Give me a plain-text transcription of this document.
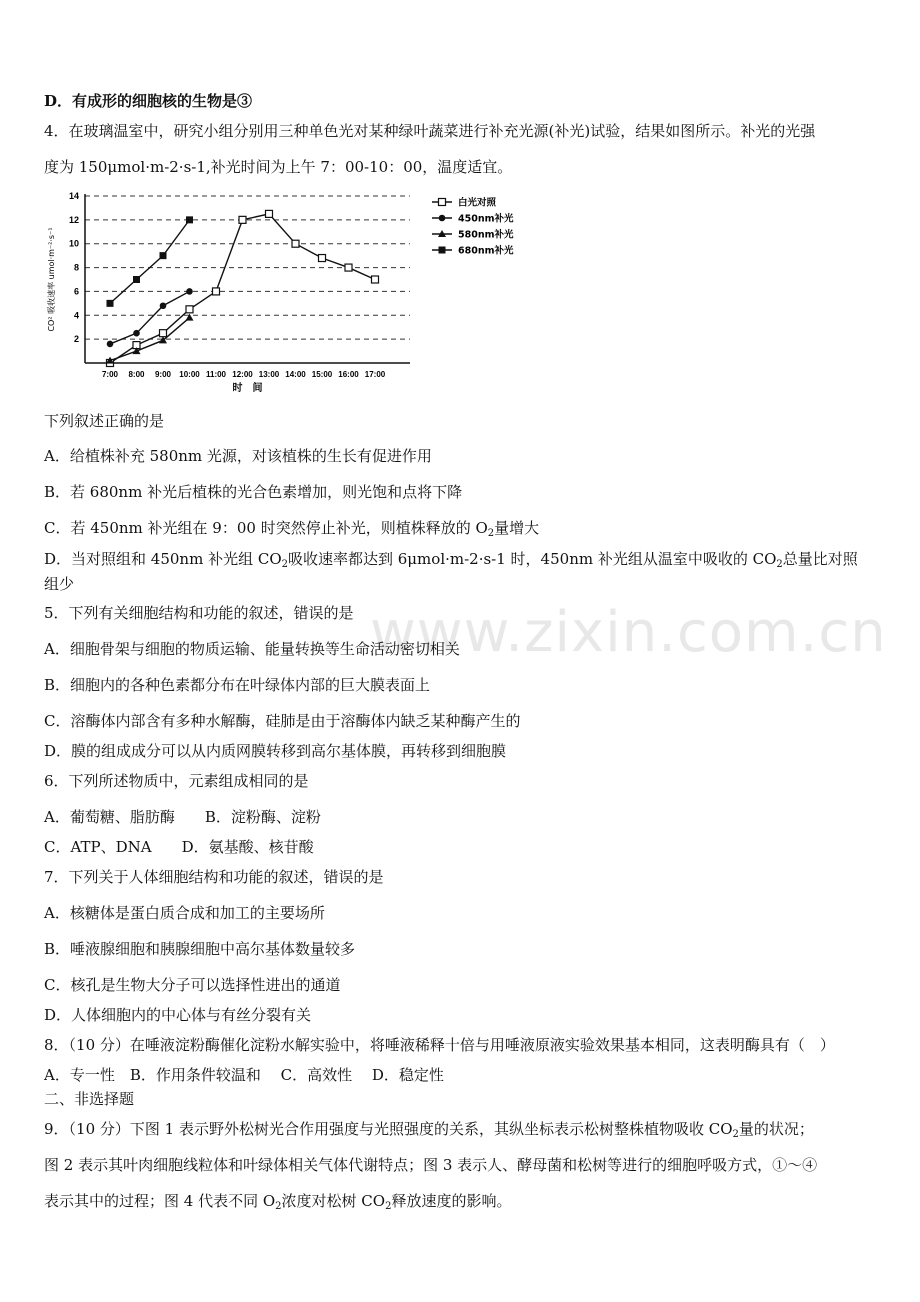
www.zixin.com.cn
D．有成形的细胞核的生物是③
4．在玻璃温室中，研究小组分别用三种单色光对某种绿叶蔬菜进行补充光源(补光)试验，结果如图所示。补光的光强
度为 150μmol·m-2·s-1,补光时间为上午 7：00-10：00，温度适宜。
下列叙述正确的是
A．给植株补充 580nm 光源，对该植株的生长有促进作用
B．若 680nm 补光后植株的光合色素增加，则光饱和点将下降
C．若 450nm 补光组在 9：00 时突然停止补光，则植株释放的 $O_2$量增大
D．当对照组和 450nm 补光组 $CO_2$吸收速率都达到 6μmol·m-2·s-1 时，450nm 补光组从温室中吸收的 $CO_2$总量比对照
组少
5．下列有关细胞结构和功能的叙述，错误的是
A．细胞骨架与细胞的物质运输、能量转换等生命活动密切相关
B．细胞内的各种色素都分布在叶绿体内部的巨大膜表面上
C．溶酶体内部含有多种水解酶，硅肺是由于溶酶体内缺乏某种酶产生的
D．膜的组成成分可以从内质网膜转移到高尔基体膜，再转移到细胞膜
6．下列所述物质中，元素组成相同的是
A．葡萄糖、脂肪酶　　B．淀粉酶、淀粉
C．ATP、DNA　　D．氨基酸、核苷酸
7．下列关于人体细胞结构和功能的叙述，错误的是
A．核糖体是蛋白质合成和加工的主要场所
B．唾液腺细胞和胰腺细胞中高尔基体数量较多
C．核孔是生物大分子可以选择性进出的通道
D．人体细胞内的中心体与有丝分裂有关
8．（10 分）在唾液淀粉酶催化淀粉水解实验中，将唾液稀释十倍与用唾液原液实验效果基本相同，这表明酶具有（　）
A．专一性　B．作用条件较温和　 C．高效性　 D．稳定性
二、非选择题
9．（10 分）下图 1 表示野外松树光合作用强度与光照强度的关系，其纵坐标表示松树整株植物吸收 $CO_2$量的状况；
图 2 表示其叶肉细胞线粒体和叶绿体相关气体代谢特点；图 3 表示人、酵母菌和松树等进行的细胞呼吸方式，①～④
表示其中的过程；图 4 代表不同 $O_2$浓度对松树 $CO_2$释放速度的影响。
2
4
6
8
10
12
14
7:00 8:00 9:00 10:00 11:00 12:00 13:00 14:00 15:00 16:00 17:00
时　间
CO² 吸收速率 umol·m⁻²·s⁻¹
白光对照
450nm补光
580nm补光
680nm补光
